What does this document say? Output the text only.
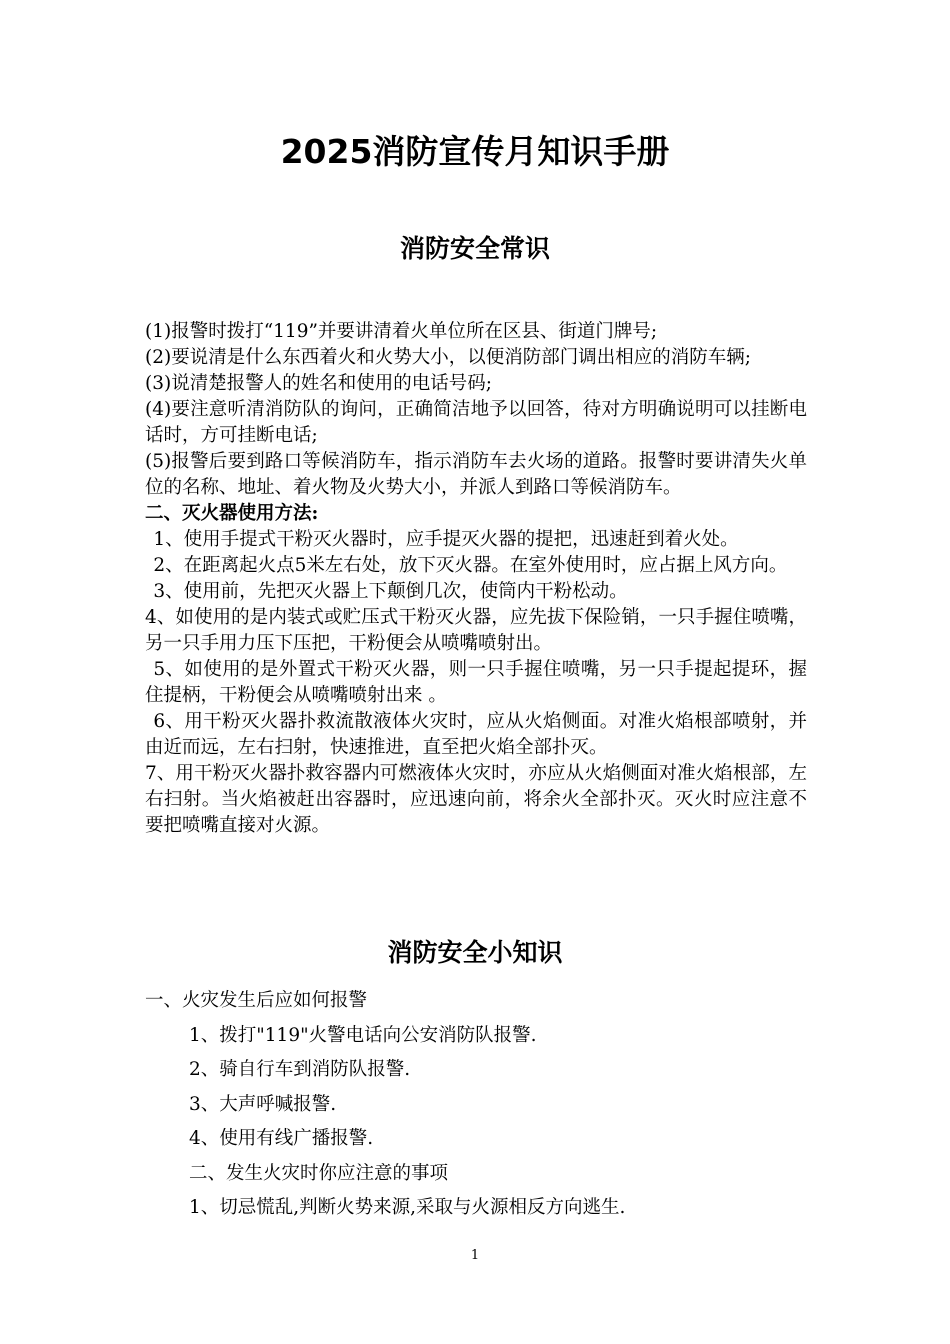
2025消防宣传月知识手册
消防安全常识

(1)报警时拨打“119”并要讲清着火单位所在区县、街道门牌号;

(2)要说清是什么东西着火和火势大小，以便消防部门调出相应的消防车辆;

(3)说清楚报警人的姓名和使用的电话号码;

(4)要注意听清消防队的询问，正确简洁地予以回答，待对方明确说明可以挂断电话时，方可挂断电话;

(5)报警后要到路口等候消防车，指示消防车去火场的道路。报警时要讲清失火单位的名称、地址、着火物及火势大小，并派人到路口等候消防车。

二、灭火器使用方法:

1、使用手提式干粉灭火器时，应手提灭火器的提把，迅速赶到着火处。

2、在距离起火点5米左右处，放下灭火器。在室外使用时，应占据上风方向。

3、使用前，先把灭火器上下颠倒几次，使筒内干粉松动。

4、如使用的是内装式或贮压式干粉灭火器，应先拔下保险销，一只手握住喷嘴，另一只手用力压下压把，干粉便会从喷嘴喷射出。

5、如使用的是外置式干粉灭火器，则一只手握住喷嘴，另一只手提起提环，握住提柄，干粉便会从喷嘴喷射出来 。

6、用干粉灭火器扑救流散液体火灾时，应从火焰侧面。对准火焰根部喷射，并由近而远，左右扫射，快速推进，直至把火焰全部扑灭。

7、用干粉灭火器扑救容器内可燃液体火灾时，亦应从火焰侧面对准火焰根部，左右扫射。当火焰被赶出容器时，应迅速向前，将余火全部扑灭。灭火时应注意不要把喷嘴直接对火源。

消防安全小知识

一、火灾发生后应如何报警

1、拨打"119"火警电话向公安消防队报警.

2、骑自行车到消防队报警.

3、大声呼喊报警.

4、使用有线广播报警.

二、发生火灾时你应注意的事项

1、切忌慌乱,判断火势来源,采取与火源相反方向逃生.

1
